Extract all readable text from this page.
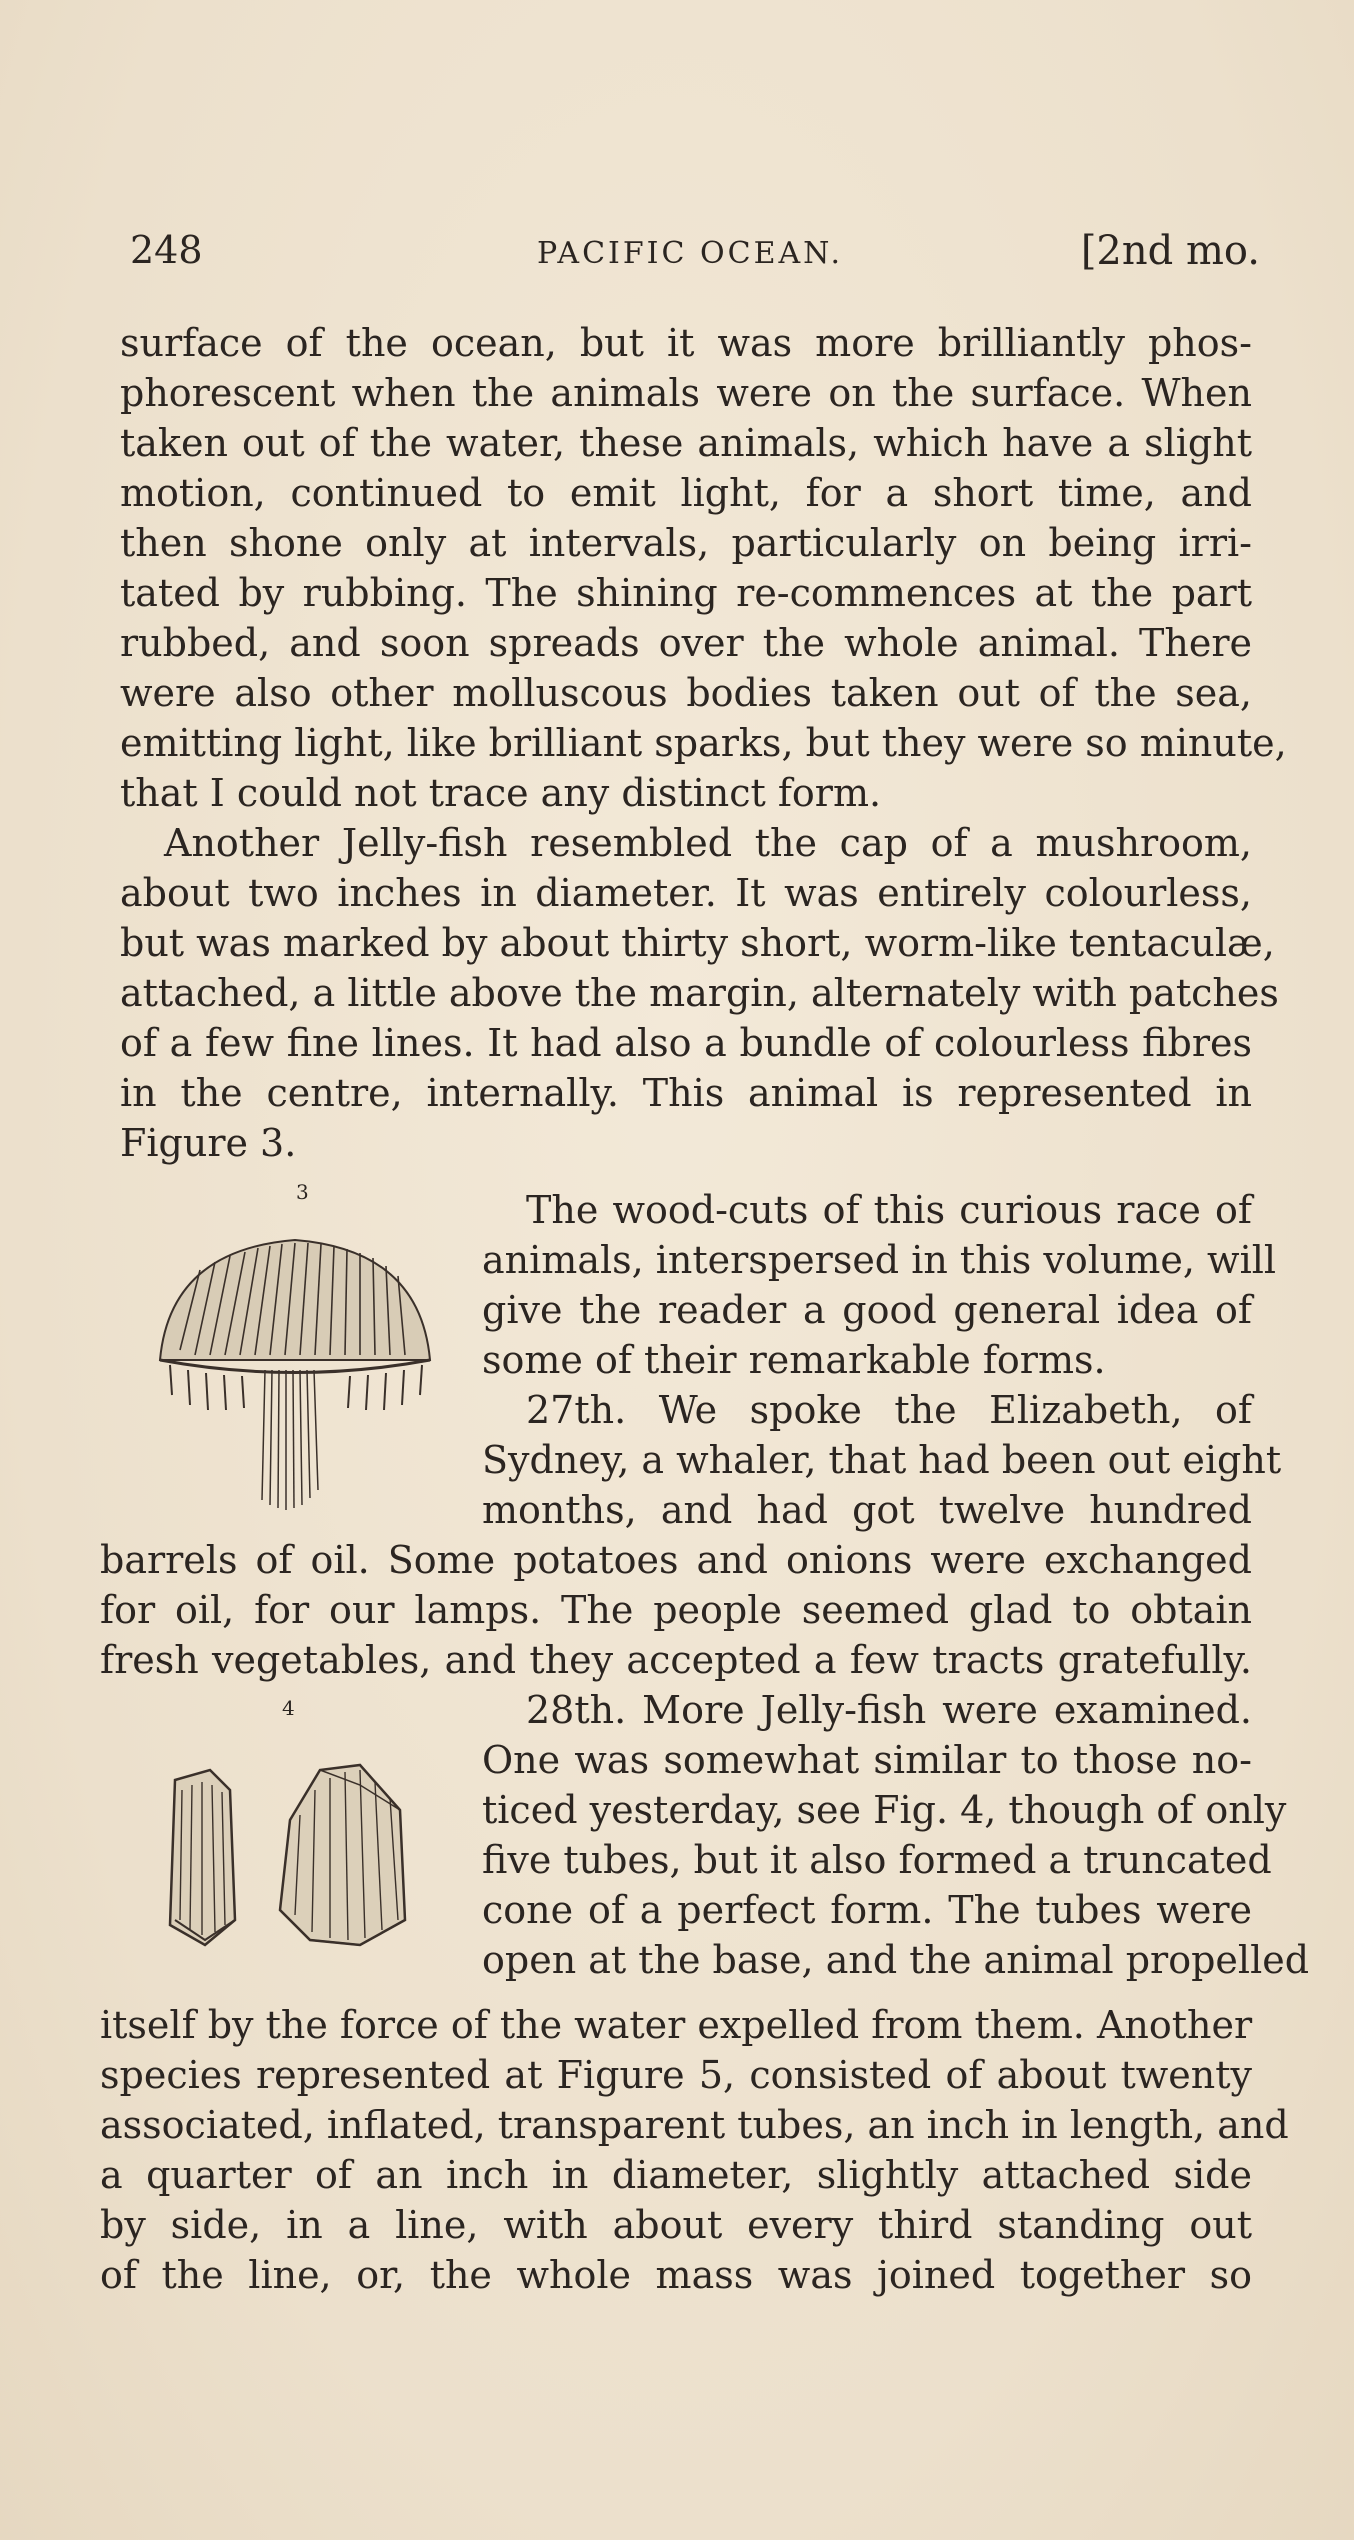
248	PACIFIC OCEAN.	[2nd mo.
surface of the ocean, but it was more brilliantly phos-
phorescent when the animals were on the surface. When
taken out of the water, these animals, which have a slight
motion, continued to emit light, for a short time, and
then shone only at intervals, particularly on being irri-
tated by rubbing. The shining re-commences at the part
rubbed, and soon spreads over the whole animal. There
were also other molluscous bodies taken out of the sea,
emitting light, like brilliant sparks, but they were so minute,
that I could not trace any distinct form.
Another Jelly-fish resembled the cap of a mushroom,
about two inches in diameter. It was entirely colourless,
but was marked by about thirty short, worm-like tentaculæ,
attached, a little above the margin, alternately with patches
of a few fine lines. It had also a bundle of colourless fibres
in the centre, internally. This animal is represented in
Figure 3.
3	The wood-cuts of this curious race of
animals, interspersed in this volume, will
give the reader a good general idea of
some of their remarkable forms.
27th. We spoke the Elizabeth, of
Sydney, a whaler, that had been out eight
months, and had got twelve hundred
barrels of oil. Some potatoes and onions were exchanged
for oil, for our lamps. The people seemed glad to obtain
fresh vegetables, and they accepted a few tracts gratefully.
4	28th. More Jelly-fish were examined.
One was somewhat similar to those no-
ticed yesterday, see Fig. 4, though of only
five tubes, but it also formed a truncated
cone of a perfect form. The tubes were
open at the base, and the animal propelled
itself by the force of the water expelled from them. Another
species represented at Figure 5, consisted of about twenty
associated, inflated, transparent tubes, an inch in length, and
a quarter of an inch in diameter, slightly attached side
by side, in a line, with about every third standing out
of the line, or, the whole mass was joined together so
